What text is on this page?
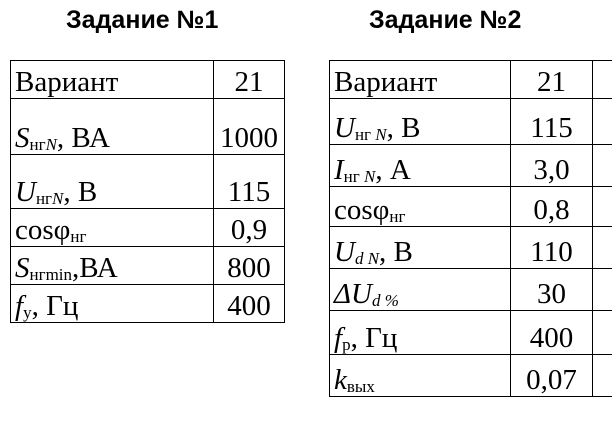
Задание №1	Задание №2
Вариант	21
$S_{нгN}$, ВА	1000
$U_{нгN}$, В	115
cosφ$_{нг}$	0,9
$S_{нгmin},ВА$	800
$f_у$, Гц	400
Вариант	21	
$U_{нг N}$, В	115	
$I_{нг N}$, А	3,0	
cosφ$_{нг}$	0,8	
$U_{d N}$, В	110	
$\Delta U_{d \%}$	30	
$f_р$, Гц	400	
$k_{вых}$	0,07	
